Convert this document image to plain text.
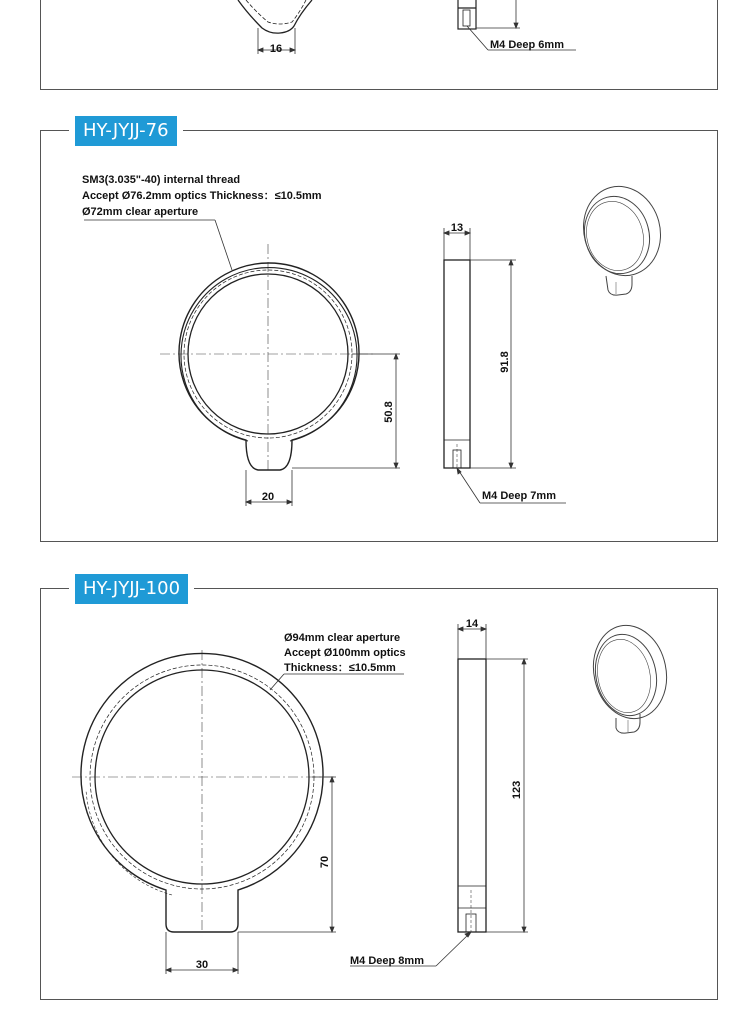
16	M4 Deep 6mm
HY-JYJJ-76
SM3(3.035"-40) internal thread
Accept Ø76.2mm optics Thickness：≤10.5mm
Ø72mm clear aperture
50.8
20
13
91.8
M4 Deep 7mm
HY-JYJJ-100
Ø94mm clear aperture
Accept Ø100mm optics
Thickness：≤10.5mm
70
30
14
123
M4 Deep 8mm
